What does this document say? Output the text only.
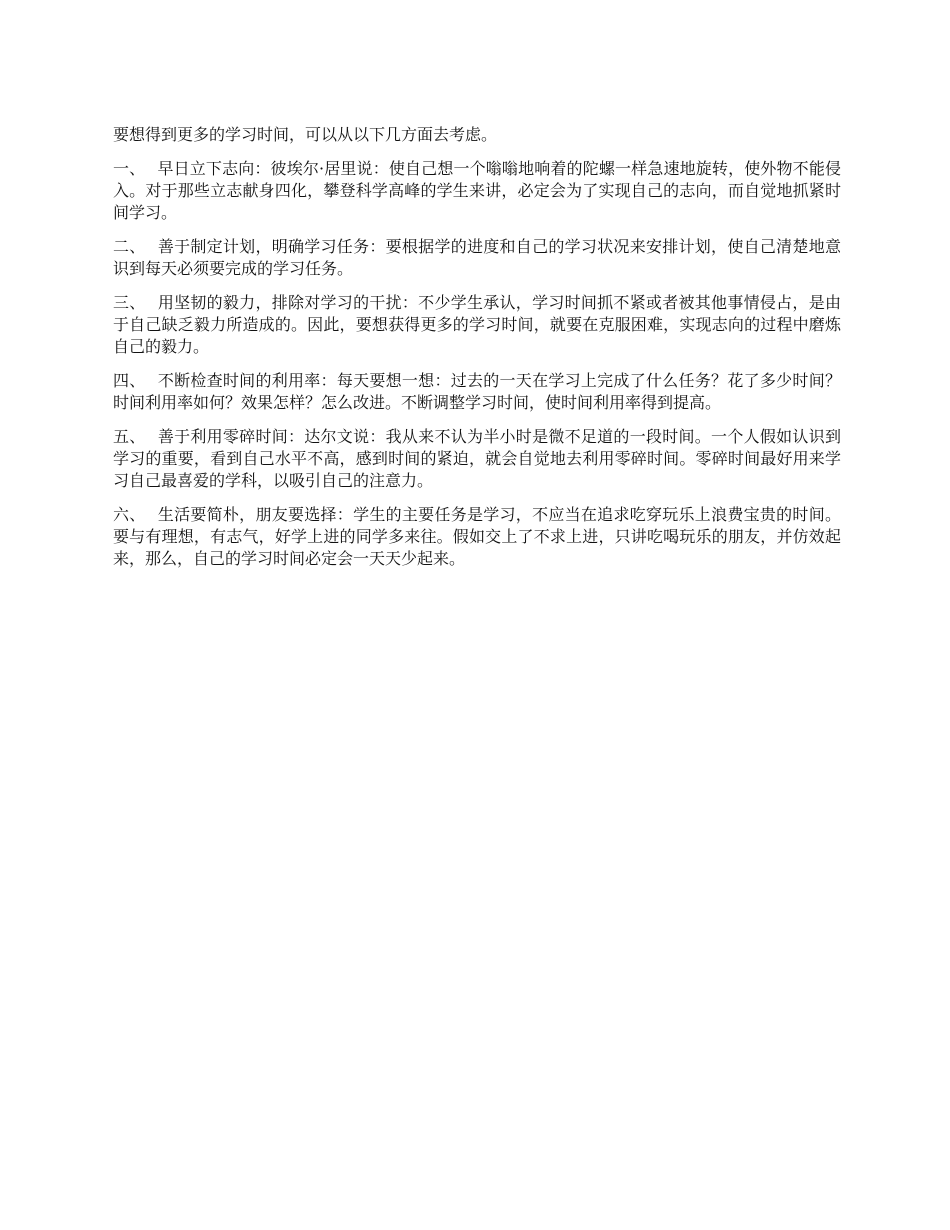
要想得到更多的学习时间，可以从以下几方面去考虑。

一、 早日立下志向：彼埃尔·居里说：使自己想一个嗡嗡地响着的陀螺一样急速地旋转，使外物不能侵入。对于那些立志献身四化，攀登科学高峰的学生来讲，必定会为了实现自己的志向，而自觉地抓紧时间学习。

二、 善于制定计划，明确学习任务：要根据学的进度和自己的学习状况来安排计划，使自己清楚地意识到每天必须要完成的学习任务。

三、 用坚韧的毅力，排除对学习的干扰：不少学生承认，学习时间抓不紧或者被其他事情侵占，是由于自己缺乏毅力所造成的。因此，要想获得更多的学习时间，就要在克服困难，实现志向的过程中磨炼自己的毅力。

四、 不断检查时间的利用率：每天要想一想：过去的一天在学习上完成了什么任务？花了多少时间？时间利用率如何？效果怎样？怎么改进。不断调整学习时间，使时间利用率得到提高。

五、 善于利用零碎时间：达尔文说：我从来不认为半小时是微不足道的一段时间。一个人假如认识到学习的重要，看到自己水平不高，感到时间的紧迫，就会自觉地去利用零碎时间。零碎时间最好用来学习自己最喜爱的学科，以吸引自己的注意力。

六、 生活要简朴，朋友要选择：学生的主要任务是学习，不应当在追求吃穿玩乐上浪费宝贵的时间。要与有理想，有志气，好学上进的同学多来往。假如交上了不求上进，只讲吃喝玩乐的朋友，并仿效起来，那么，自己的学习时间必定会一天天少起来。
